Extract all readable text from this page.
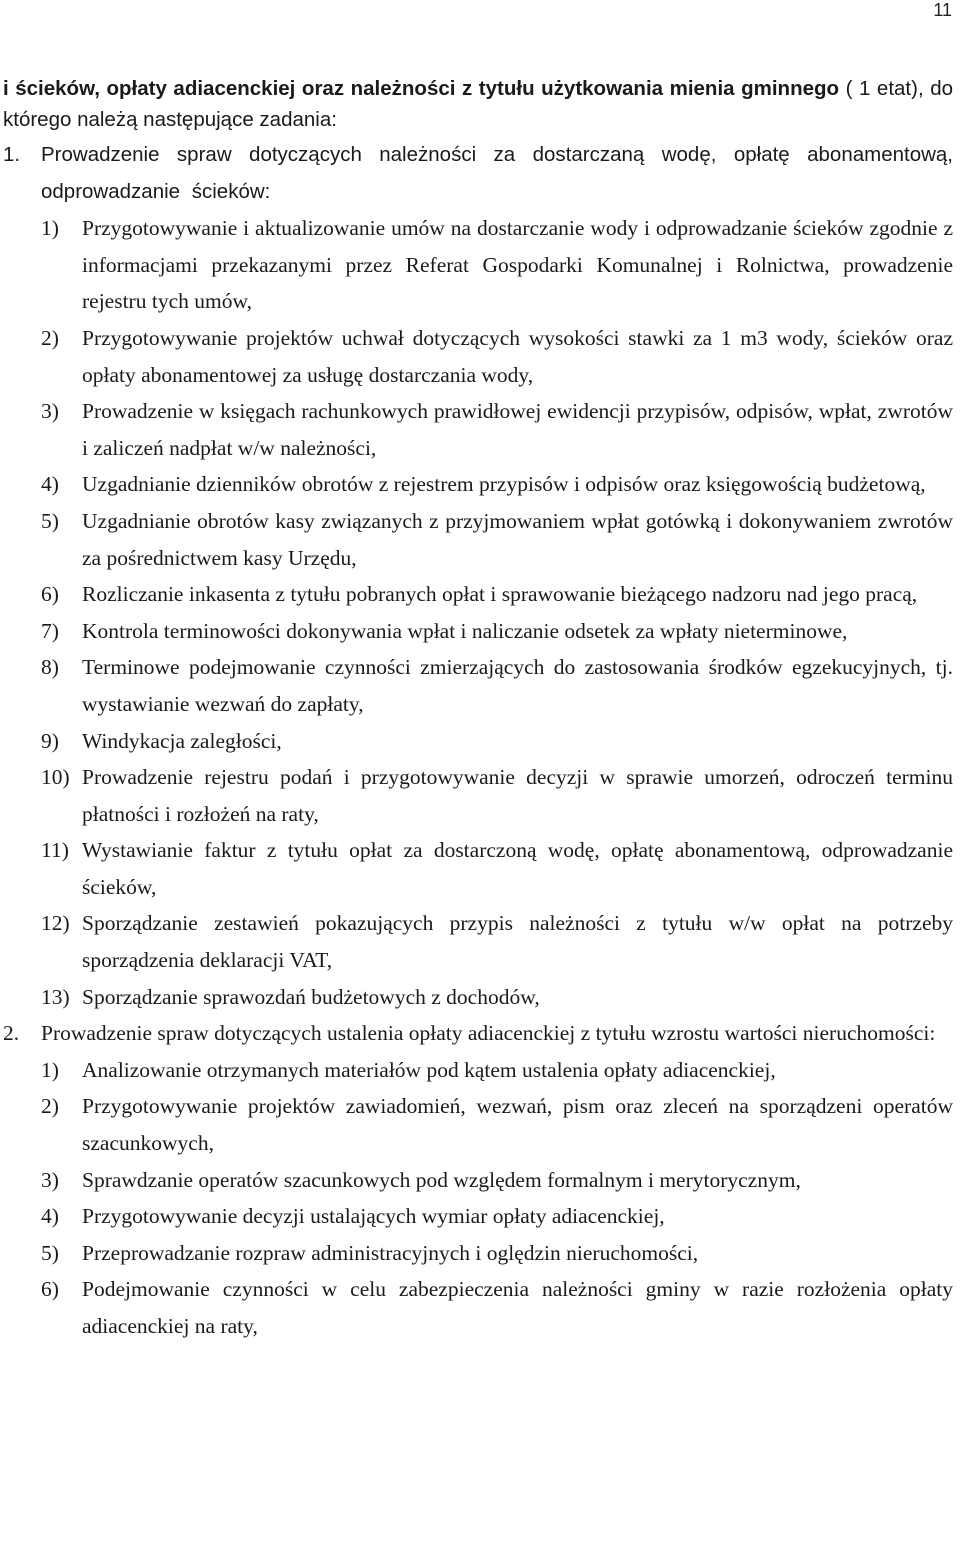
11

i ścieków, opłaty adiacenckiej oraz należności z tytułu użytkowania mienia gminnego ( 1 etat), do którego należą następujące zadania:

1.	Prowadzenie spraw dotyczących należności za dostarczaną wodę, opłatę abonamentową, odprowadzanie ścieków:
1)	Przygotowywanie i aktualizowanie umów na dostarczanie wody i odprowadzanie ścieków zgodnie z informacjami przekazanymi przez Referat Gospodarki Komunalnej i Rolnictwa, prowadzenie rejestru tych umów,
2)	Przygotowywanie projektów uchwał dotyczących wysokości stawki za 1 m3 wody, ścieków oraz opłaty abonamentowej za usługę dostarczania wody,
3)	Prowadzenie w księgach rachunkowych prawidłowej ewidencji przypisów, odpisów, wpłat, zwrotów i zaliczeń nadpłat w/w należności,
4)	Uzgadnianie dzienników obrotów z rejestrem przypisów i odpisów oraz księgowością budżetową,
5)	Uzgadnianie obrotów kasy związanych z przyjmowaniem wpłat gotówką i dokonywaniem zwrotów za pośrednictwem kasy Urzędu,
6)	Rozliczanie inkasenta z tytułu pobranych opłat i sprawowanie bieżącego nadzoru nad jego pracą,
7)	Kontrola terminowości dokonywania wpłat i naliczanie odsetek za wpłaty nieterminowe,
8)	Terminowe podejmowanie czynności zmierzających do zastosowania środków egzekucyjnych, tj. wystawianie wezwań do zapłaty,
9)	Windykacja zaległości,
10) Prowadzenie rejestru podań i przygotowywanie decyzji w sprawie umorzeń, odroczeń terminu płatności i rozłożeń na raty,
11) Wystawianie faktur z tytułu opłat za dostarczoną wodę, opłatę abonamentową, odprowadzanie ścieków,
12) Sporządzanie zestawień pokazujących przypis należności z tytułu w/w opłat na potrzeby sporządzenia deklaracji VAT,
13) Sporządzanie sprawozdań budżetowych z dochodów,
2.	Prowadzenie spraw dotyczących ustalenia opłaty adiacenckiej z tytułu wzrostu wartości nieruchomości:
1)	Analizowanie otrzymanych materiałów pod kątem ustalenia opłaty adiacenckiej,
2)	Przygotowywanie projektów zawiadomień, wezwań, pism oraz zleceń na sporządzeni operatów szacunkowych,
3)	Sprawdzanie operatów szacunkowych pod względem formalnym i merytorycznym,
4)	Przygotowywanie decyzji ustalających wymiar opłaty adiacenckiej,
5)	Przeprowadzanie rozpraw administracyjnych i oględzin nieruchomości,
6)	Podejmowanie czynności w celu zabezpieczenia należności gminy w razie rozłożenia opłaty adiacenckiej na raty,
